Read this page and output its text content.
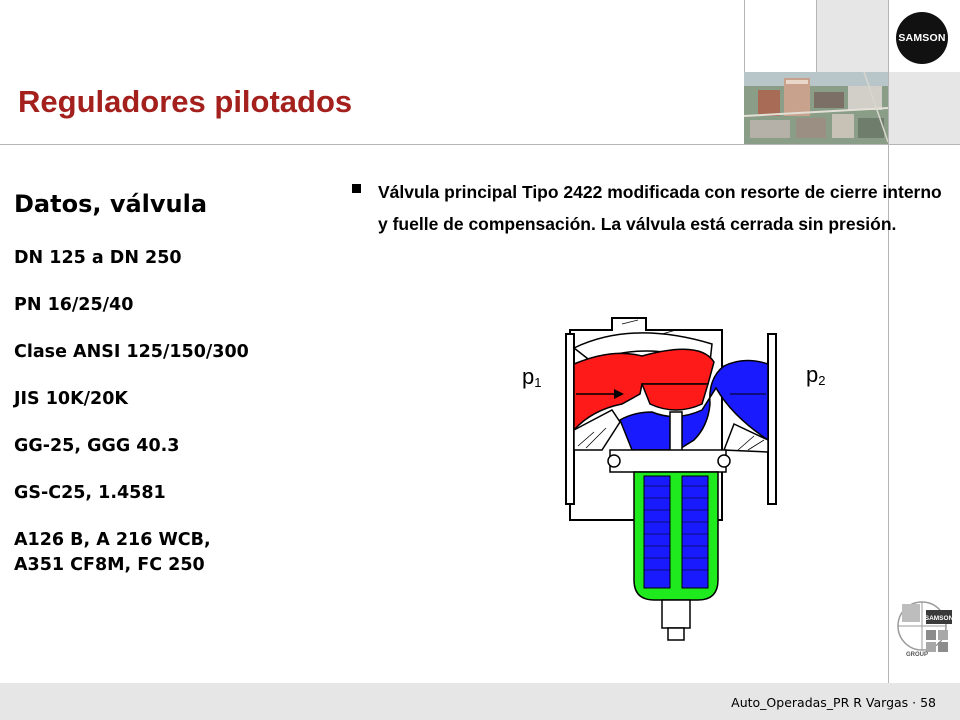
SAMSON
Reguladores pilotados
Datos, válvula
DN 125 a DN 250
PN 16/25/40
Clase ANSI 125/150/300
JIS 10K/20K
GG-25, GGG 40.3
GS-C25, 1.4581
A126 B, A 216 WCB,
A351 CF8M, FC 250

Válvula principal Tipo 2422 modificada con resorte de cierre interno y fuelle de compensación. La válvula está cerrada sin presión.

p1	p2
SAMSON
GROUP
Auto_Operadas_PR R Vargas · 58
